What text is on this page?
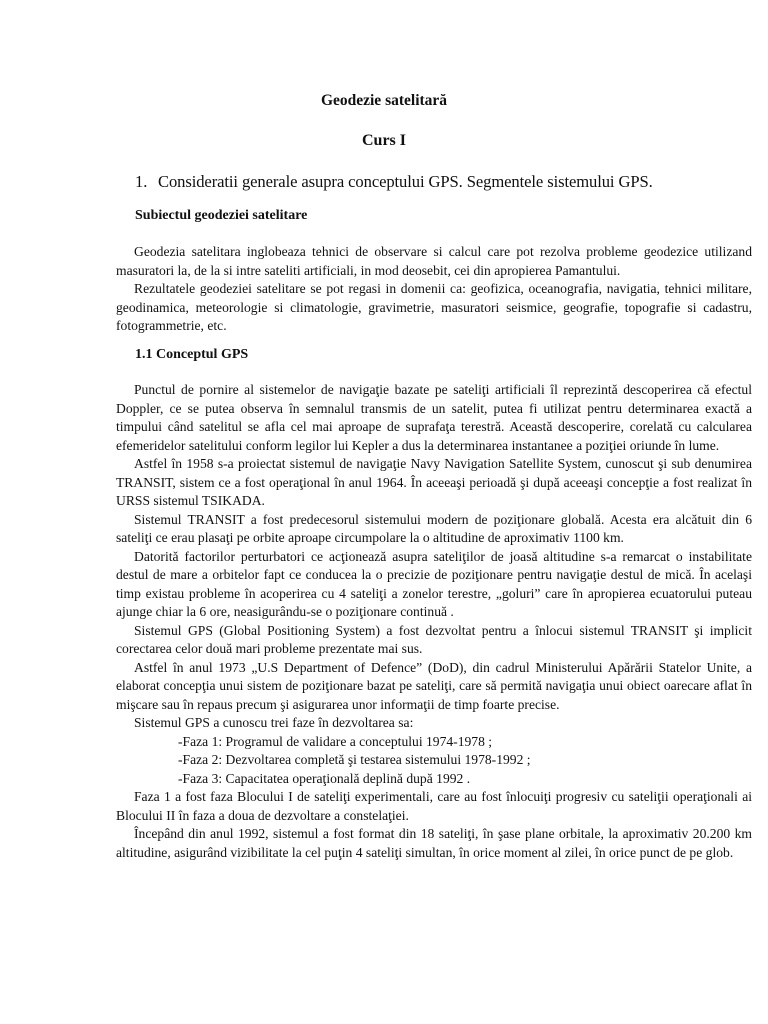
Geodezie satelitară
Curs I
1. Consideratii generale asupra conceptului GPS. Segmentele sistemului GPS.
Subiectul geodeziei satelitare

Geodezia satelitara inglobeaza tehnici de observare si calcul care pot rezolva probleme geodezice utilizand masuratori la, de la si intre sateliti artificiali, in mod deosebit, cei din apropierea Pamantului.

Rezultatele geodeziei satelitare se pot regasi in domenii ca: geofizica, oceanografia, navigatia, tehnici militare, geodinamica, meteorologie si climatologie, gravimetrie, masuratori seismice, geografie, topografie si cadastru, fotogrammetrie, etc.

1.1 Conceptul GPS

Punctul de pornire al sistemelor de navigaţie bazate pe sateliţi artificiali îl reprezintă descoperirea că efectul Doppler, ce se putea observa în semnalul transmis de un satelit, putea fi utilizat pentru determinarea exactă a timpului când satelitul se afla cel mai aproape de suprafaţa terestră. Această descoperire, corelată cu calcularea efemeridelor satelitului conform legilor lui Kepler a dus la determinarea instantanee a poziţiei oriunde în lume.

Astfel în 1958 s-a proiectat sistemul de navigaţie Navy Navigation Satellite System, cunoscut şi sub denumirea TRANSIT, sistem ce a fost operaţional în anul 1964. În aceeaşi perioadă şi după aceeaşi concepţie a fost realizat în URSS sistemul TSIKADA.

Sistemul TRANSIT a fost predecesorul sistemului modern de poziţionare globală. Acesta era alcătuit din 6 sateliţi ce erau plasaţi pe orbite aproape circumpolare la o altitudine de aproximativ 1100 km.

Datorită factorilor perturbatori ce acţionează asupra sateliţilor de joasă altitudine s-a remarcat o instabilitate destul de mare a orbitelor fapt ce conducea la o precizie de poziţionare pentru navigaţie destul de mică. În acelaşi timp existau probleme în acoperirea cu 4 sateliţi a zonelor terestre, „goluri” care în apropierea ecuatorului puteau ajunge chiar la 6 ore, neasigurându-se o poziţionare continuă .

Sistemul GPS (Global Positioning System) a fost dezvoltat pentru a înlocui sistemul TRANSIT şi implicit corectarea celor două mari probleme prezentate mai sus.

Astfel în anul 1973 „U.S Department of Defence” (DoD), din cadrul Ministerului Apărării Statelor Unite, a elaborat concepţia unui sistem de poziţionare bazat pe sateliţi, care să permită navigaţia unui obiect oarecare aflat în mişcare sau în repaus precum şi asigurarea unor informaţii de timp foarte precise.

Sistemul GPS a cunoscu trei faze în dezvoltarea sa:

-Faza 1: Programul de validare a conceptului 1974-1978 ;

-Faza 2: Dezvoltarea completă şi testarea sistemului 1978-1992 ;

-Faza 3: Capacitatea operaţională deplină după 1992 .

Faza 1 a fost faza Blocului I de sateliţi experimentali, care au fost înlocuiţi progresiv cu sateliţii operaţionali ai Blocului II în faza a doua de dezvoltare a constelaţiei.

Începând din anul 1992, sistemul a fost format din 18 sateliţi, în şase plane orbitale, la aproximativ 20.200 km altitudine, asigurând vizibilitate la cel puţin 4 sateliţi simultan, în orice moment al zilei, în orice punct de pe glob.
